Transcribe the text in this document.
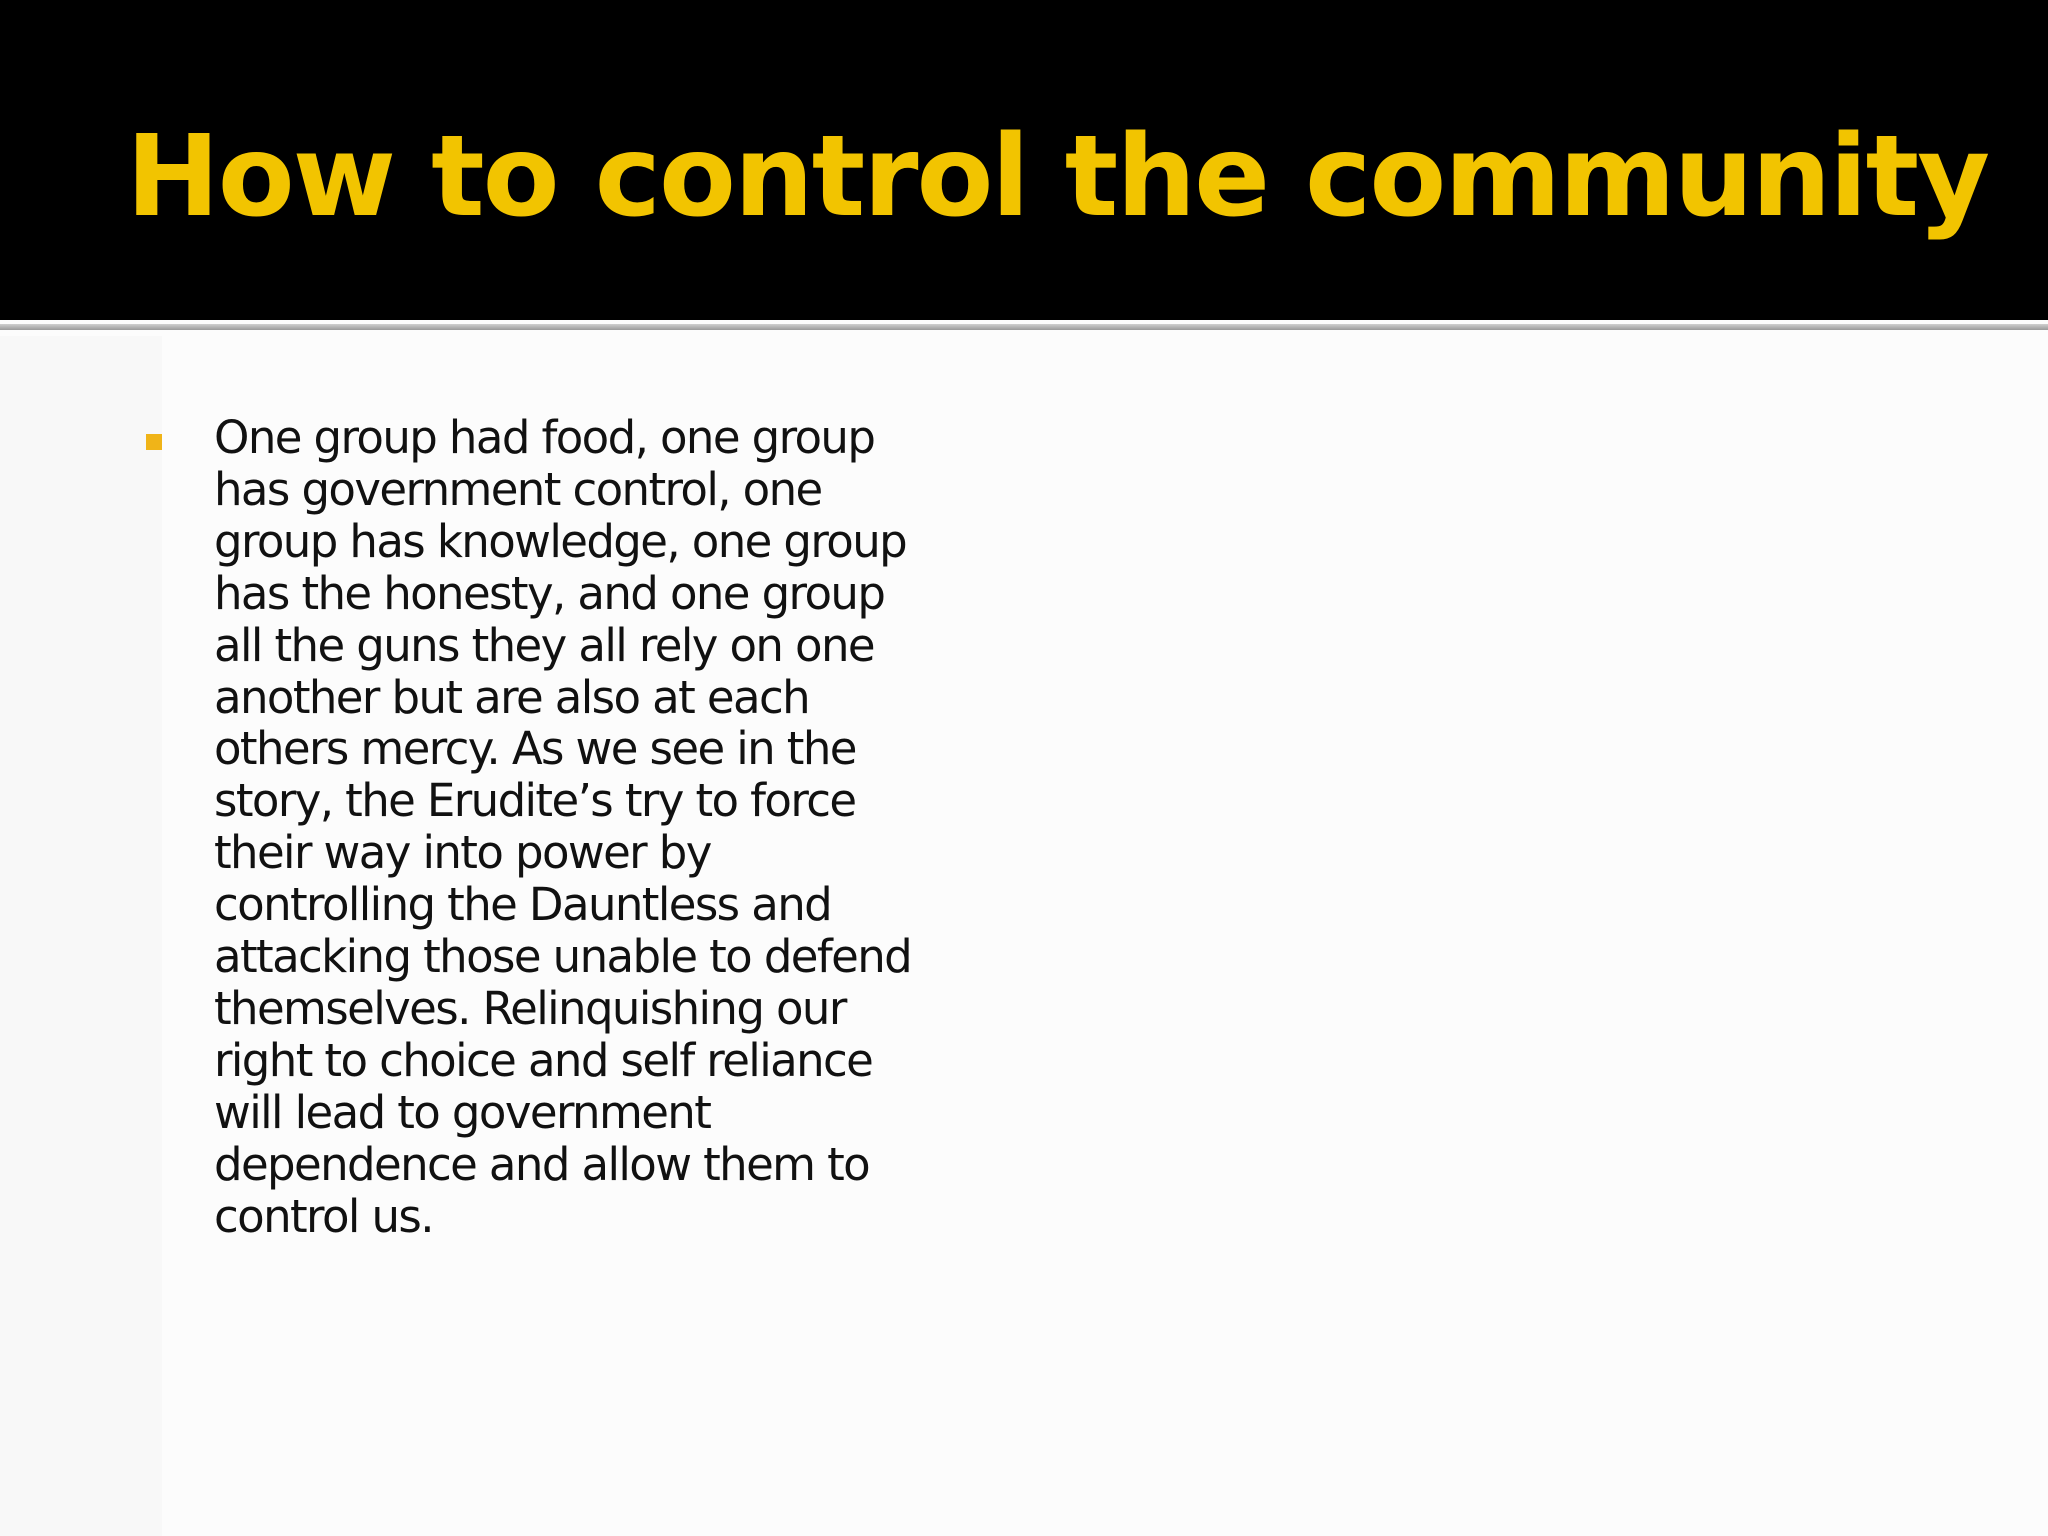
How to control the community

One group had food, one group
has government control, one
group has knowledge, one group
has the honesty, and one group
all the guns they all rely on one
another but are also at each
others mercy. As we see in the
story, the Erudite’s try to force
their way into power by
controlling the Dauntless and
attacking those unable to defend
themselves. Relinquishing our
right to choice and self reliance
will lead to government
dependence and allow them to
control us.
